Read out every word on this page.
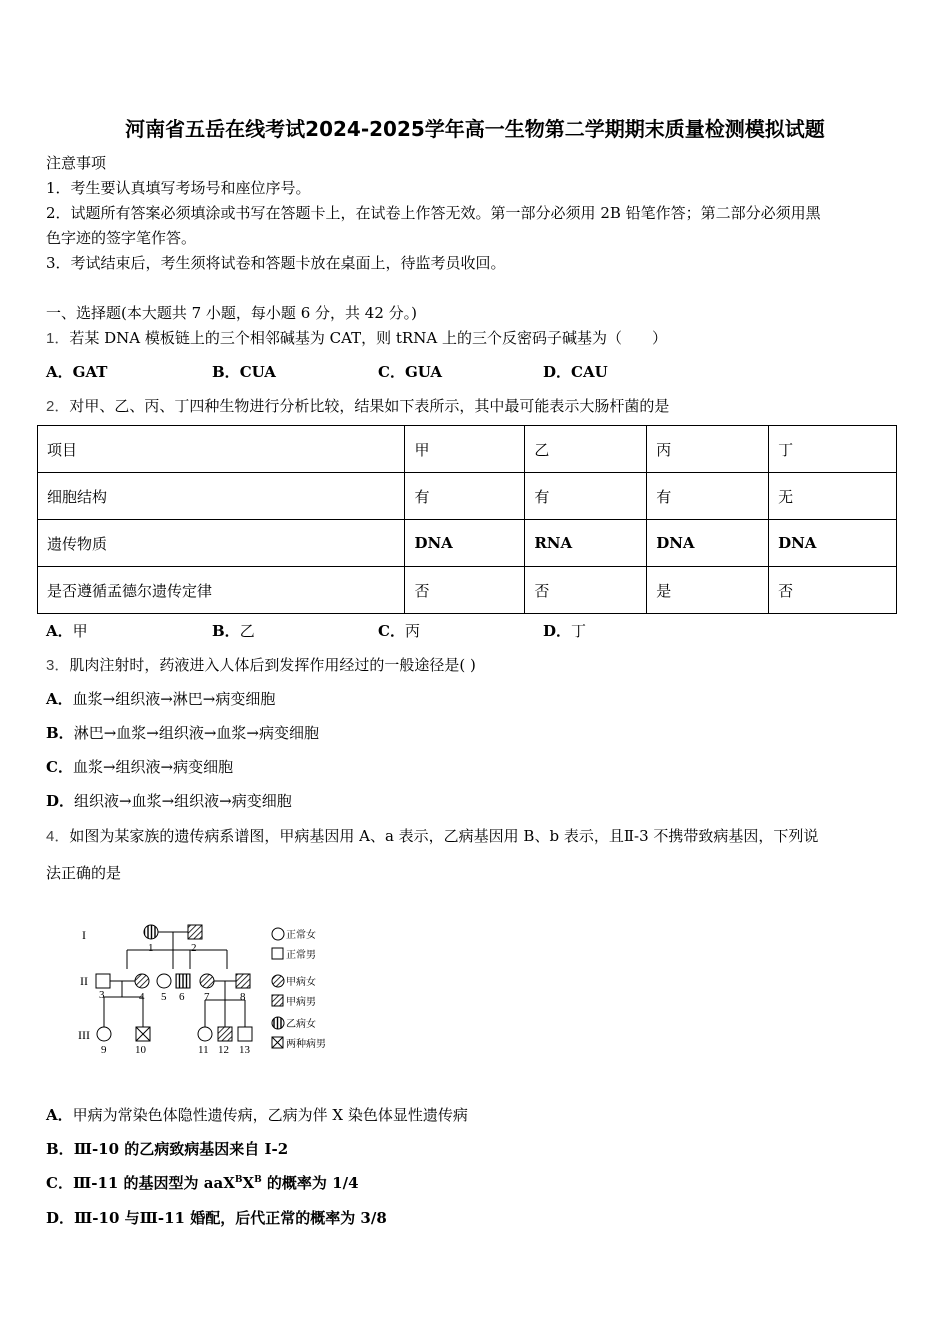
河南省五岳在线考试2024-2025学年高一生物第二学期期末质量检测模拟试题
注意事项
1．考生要认真填写考场号和座位序号。
2．试题所有答案必须填涂或书写在答题卡上，在试卷上作答无效。第一部分必须用 2B 铅笔作答；第二部分必须用黑
色字迹的签字笔作答。
3．考试结束后，考生须将试卷和答题卡放在桌面上，待监考员收回。
一、选择题(本大题共 7 小题，每小题 6 分，共 42 分。)
1．若某 DNA 模板链上的三个相邻碱基为 CAT，则 tRNA 上的三个反密码子碱基为（　　）
A．GAT	B．CUA	C．GUA	D．CAU
2．对甲、乙、丙、丁四种生物进行分析比较，结果如下表所示，其中最可能表示大肠杆菌的是
项目	甲	乙	丙	丁
细胞结构	有	有	有	无
遗传物质	DNA	RNA	DNA	DNA
是否遵循孟德尔遗传定律	否	否	是	否
A．甲	B．乙	C．丙	D．丁
3．肌肉注射时，药液进入人体后到发挥作用经过的一般途径是( )
A．血浆→组织液→淋巴→病变细胞
B．淋巴→血浆→组织液→血浆→病变细胞
C．血浆→组织液→病变细胞
D．组织液→血浆→组织液→病变细胞
4．如图为某家族的遗传病系谱图，甲病基因用 A、a 表示，乙病基因用 B、b 表示，且Ⅱ-3 不携带致病基因，下列说
法正确的是
I
II
III
1	2
3	4 5 6 7	8
9	10	11 12 13
正常女
正常男
甲病女
甲病男
乙病女
两种病男
A．甲病为常染色体隐性遗传病，乙病为伴 X 染色体显性遗传病
B．Ⅲ-10 的乙病致病基因来自 I-2
C．Ⅲ-11 的基因型为 $aaX^BX^B$ 的概率为 1/4
D．Ⅲ-10 与Ⅲ-11 婚配，后代正常的概率为 3/8
